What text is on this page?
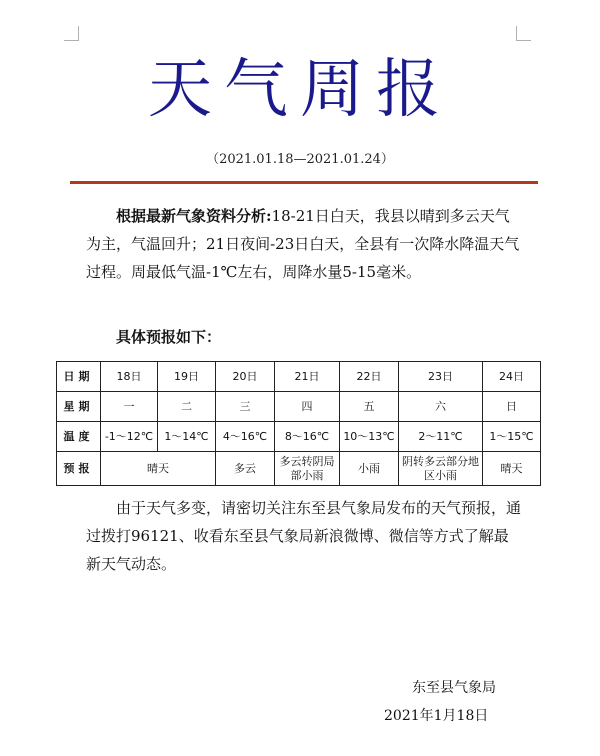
天气周报
（2021.01.18—2021.01.24）
根据最新气象资料分析:18-21日白天，我县以晴到多云天气为主，气温回升；21日夜间-23日白天，全县有一次降水降温天气过程。周最低气温-1℃左右，周降水量5-15毫米。
具体预报如下：
日期	18日	19日	20日	21日	22日	23日	24日
星期	一	二	三	四	五	六	日
温度	-1～12℃	1～14℃	4～16℃	8～16℃	10～13℃	2～11℃	1～15℃
预报	晴天		多云	多云转阴局部小雨	小雨	阴转多云部分地区小雨	晴天
由于天气多变，请密切关注东至县气象局发布的天气预报，通过拨打96121、收看东至县气象局新浪微博、微信等方式了解最新天气动态。
东至县气象局
2021年1月18日
